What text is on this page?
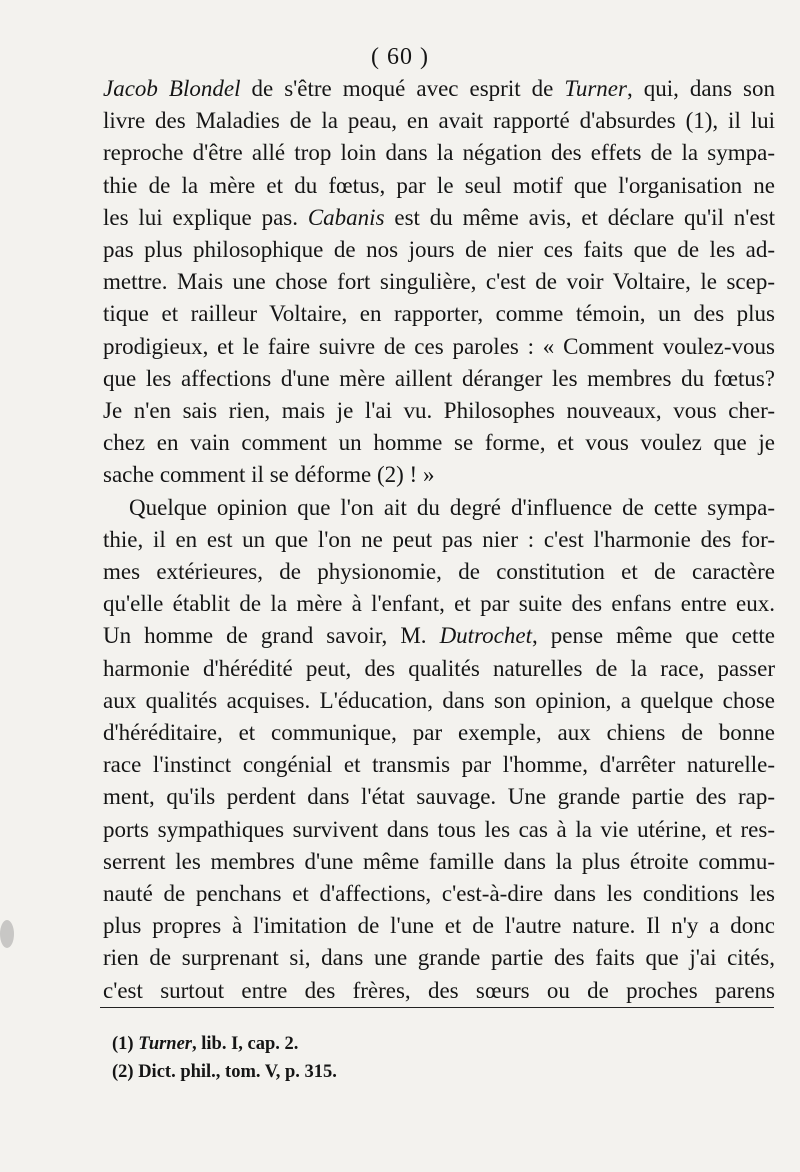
( 60 )
Jacob Blondel de s'être moqué avec esprit de Turner, qui, dans son
livre des Maladies de la peau, en avait rapporté d'absurdes (1), il lui
reproche d'être allé trop loin dans la négation des effets de la sympa-
thie de la mère et du fœtus, par le seul motif que l'organisation ne
les lui explique pas. Cabanis est du même avis, et déclare qu'il n'est
pas plus philosophique de nos jours de nier ces faits que de les ad-
mettre. Mais une chose fort singulière, c'est de voir Voltaire, le scep-
tique et railleur Voltaire, en rapporter, comme témoin, un des plus
prodigieux, et le faire suivre de ces paroles : « Comment voulez-vous
que les affections d'une mère aillent déranger les membres du fœtus?
Je n'en sais rien, mais je l'ai vu. Philosophes nouveaux, vous cher-
chez en vain comment un homme se forme, et vous voulez que je
sache comment il se déforme (2) ! »
Quelque opinion que l'on ait du degré d'influence de cette sympa-
thie, il en est un que l'on ne peut pas nier : c'est l'harmonie des for-
mes extérieures, de physionomie, de constitution et de caractère
qu'elle établit de la mère à l'enfant, et par suite des enfans entre eux.
Un homme de grand savoir, M. Dutrochet, pense même que cette
harmonie d'hérédité peut, des qualités naturelles de la race, passer
aux qualités acquises. L'éducation, dans son opinion, a quelque chose
d'héréditaire, et communique, par exemple, aux chiens de bonne
race l'instinct congénial et transmis par l'homme, d'arrêter naturelle-
ment, qu'ils perdent dans l'état sauvage. Une grande partie des rap-
ports sympathiques survivent dans tous les cas à la vie utérine, et res-
serrent les membres d'une même famille dans la plus étroite commu-
nauté de penchans et d'affections, c'est-à-dire dans les conditions les
plus propres à l'imitation de l'une et de l'autre nature. Il n'y a donc
rien de surprenant si, dans une grande partie des faits que j'ai cités,
c'est surtout entre des frères, des sœurs ou de proches parens
(1) Turner, lib. I, cap. 2.
(2) Dict. phil., tom. V, p. 315.
